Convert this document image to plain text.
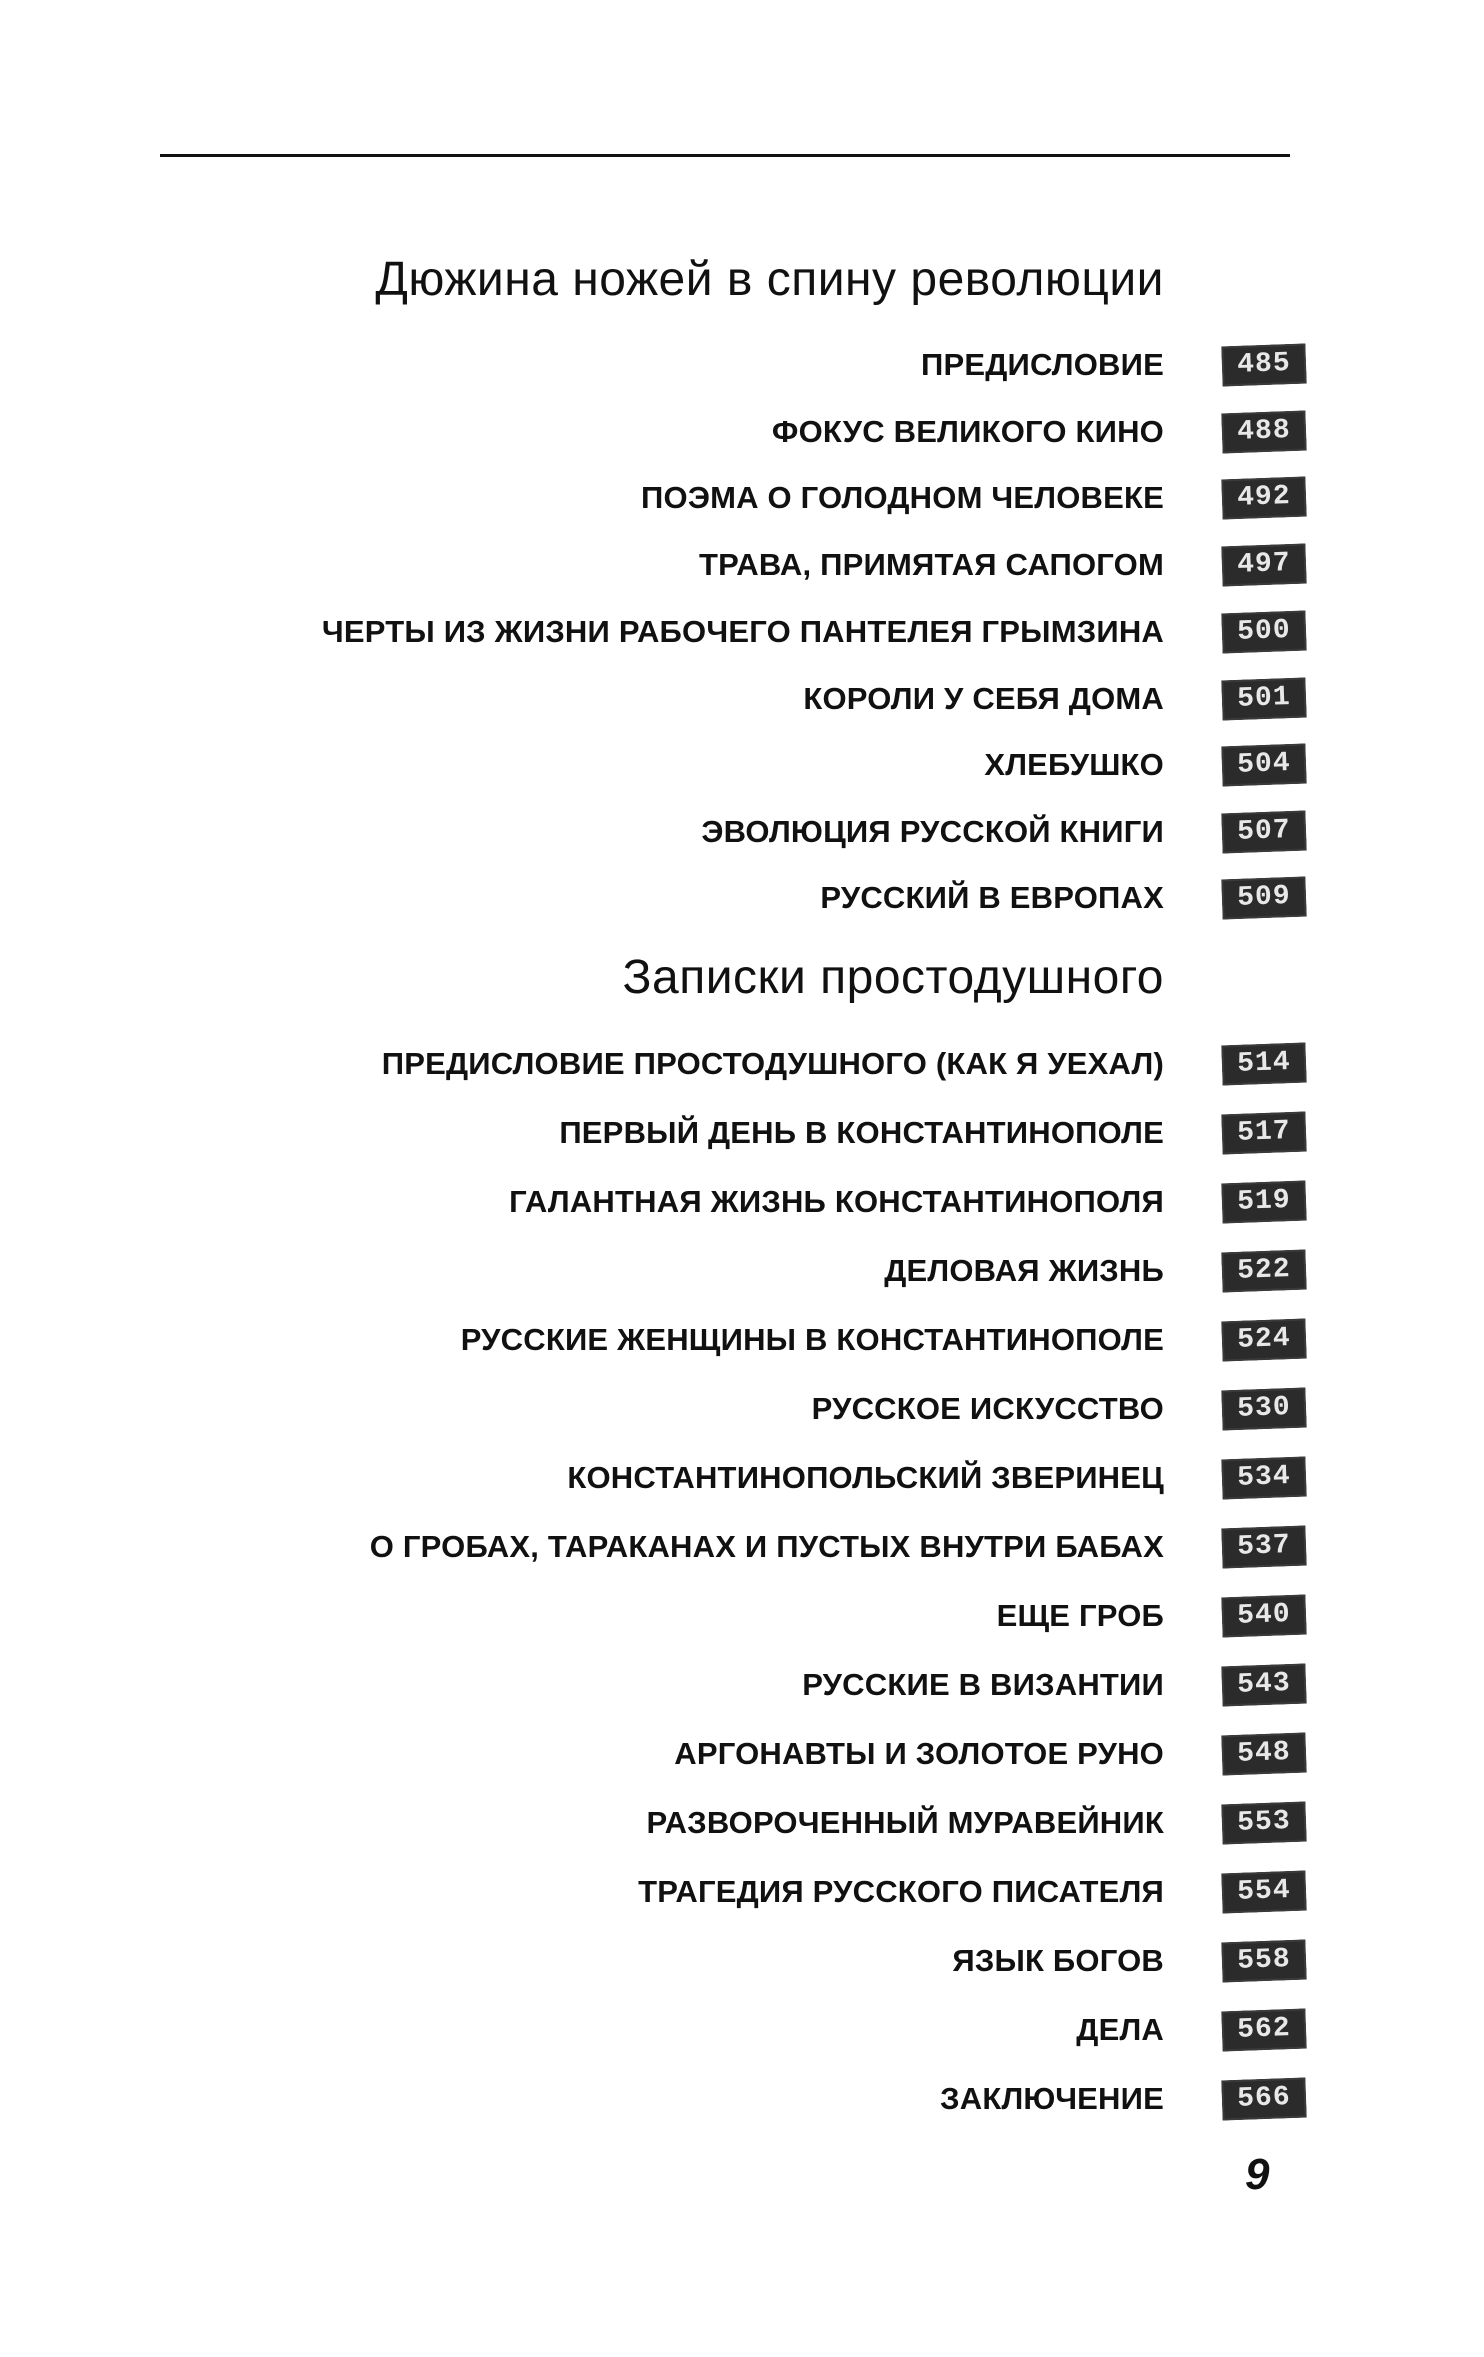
Дюжина ножей в спину революции
ПРЕДИСЛОВИЕ	485
ФОКУС ВЕЛИКОГО КИНО	488
ПОЭМА О ГОЛОДНОМ ЧЕЛОВЕКЕ	492
ТРАВА, ПРИМЯТАЯ САПОГОМ	497
ЧЕРТЫ ИЗ ЖИЗНИ РАБОЧЕГО ПАНТЕЛЕЯ ГРЫМЗИНА	500
КОРОЛИ У СЕБЯ ДОМА	501
ХЛЕБУШКО	504
ЭВОЛЮЦИЯ РУССКОЙ КНИГИ	507
РУССКИЙ В ЕВРОПАХ	509
Записки простодушного
ПРЕДИСЛОВИЕ ПРОСТОДУШНОГО (КАК Я УЕХАЛ)	514
ПЕРВЫЙ ДЕНЬ В КОНСТАНТИНОПОЛЕ	517
ГАЛАНТНАЯ ЖИЗНЬ КОНСТАНТИНОПОЛЯ	519
ДЕЛОВАЯ ЖИЗНЬ	522
РУССКИЕ ЖЕНЩИНЫ В КОНСТАНТИНОПОЛЕ	524
РУССКОЕ ИСКУССТВО	530
КОНСТАНТИНОПОЛЬСКИЙ ЗВЕРИНЕЦ	534
О ГРОБАХ, ТАРАКАНАХ И ПУСТЫХ ВНУТРИ БАБАХ	537
ЕЩЕ ГРОБ	540
РУССКИЕ В ВИЗАНТИИ	543
АРГОНАВТЫ И ЗОЛОТОЕ РУНО	548
РАЗВОРОЧЕННЫЙ МУРАВЕЙНИК	553
ТРАГЕДИЯ РУССКОГО ПИСАТЕЛЯ	554
ЯЗЫК БОГОВ	558
ДЕЛА	562
ЗАКЛЮЧЕНИЕ	566
9
